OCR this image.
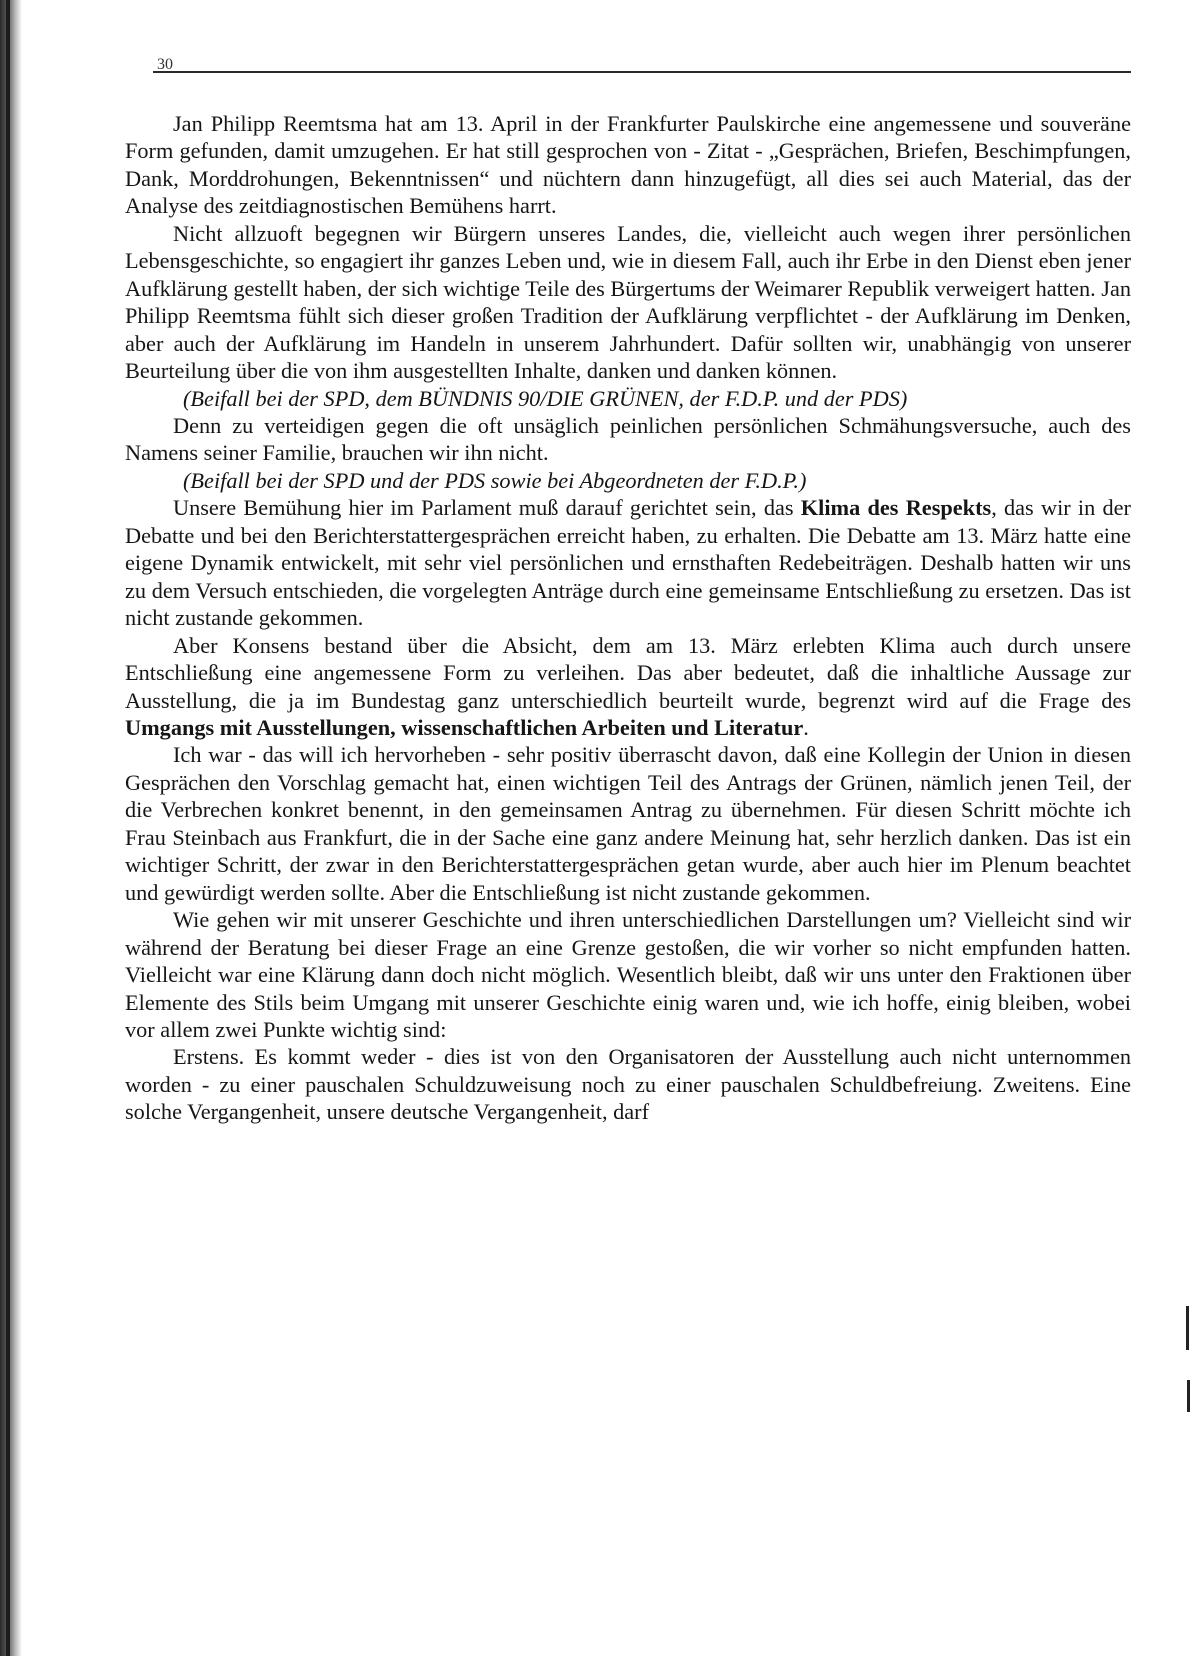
30

Jan Philipp Reemtsma hat am 13. April in der Frankfurter Paulskirche eine angemessene und souveräne Form gefunden, damit umzugehen. Er hat still gesprochen von - Zitat - „Gesprächen, Briefen, Beschimpfungen, Dank, Morddrohungen, Bekenntnissen“ und nüchtern dann hinzugefügt, all dies sei auch Material, das der Analyse des zeitdiagnostischen Bemühens harrt.

Nicht allzuoft begegnen wir Bürgern unseres Landes, die, vielleicht auch wegen ihrer persönlichen Lebensgeschichte, so engagiert ihr ganzes Leben und, wie in diesem Fall, auch ihr Erbe in den Dienst eben jener Aufklärung gestellt haben, der sich wichtige Teile des Bürgertums der Weimarer Republik verweigert hatten. Jan Philipp Reemtsma fühlt sich dieser großen Tradition der Aufklärung verpflichtet - der Aufklärung im Denken, aber auch der Aufklärung im Handeln in unserem Jahrhundert. Dafür sollten wir, unabhängig von unserer Beurteilung über die von ihm ausgestellten Inhalte, danken und danken können.

(Beifall bei der SPD, dem BÜNDNIS 90/DIE GRÜNEN, der F.D.P. und der PDS)

Denn zu verteidigen gegen die oft unsäglich peinlichen persönlichen Schmähungsversuche, auch des Namens seiner Familie, brauchen wir ihn nicht.

(Beifall bei der SPD und der PDS sowie bei Abgeordneten der F.D.P.)

Unsere Bemühung hier im Parlament muß darauf gerichtet sein, das Klima des Respekts, das wir in der Debatte und bei den Berichterstattergesprächen erreicht haben, zu erhalten. Die Debatte am 13. März hatte eine eigene Dynamik entwickelt, mit sehr viel persönlichen und ernsthaften Redebeiträgen. Deshalb hatten wir uns zu dem Versuch entschieden, die vorgelegten Anträge durch eine gemeinsame Entschließung zu ersetzen. Das ist nicht zustande gekommen.

Aber Konsens bestand über die Absicht, dem am 13. März erlebten Klima auch durch unsere Entschließung eine angemessene Form zu verleihen. Das aber bedeutet, daß die inhaltliche Aussage zur Ausstellung, die ja im Bundestag ganz unterschiedlich beurteilt wurde, begrenzt wird auf die Frage des Umgangs mit Ausstellungen, wissenschaftlichen Arbeiten und Literatur.

Ich war - das will ich hervorheben - sehr positiv überrascht davon, daß eine Kollegin der Union in diesen Gesprächen den Vorschlag gemacht hat, einen wichtigen Teil des Antrags der Grünen, nämlich jenen Teil, der die Verbrechen konkret benennt, in den gemeinsamen Antrag zu übernehmen. Für diesen Schritt möchte ich Frau Steinbach aus Frankfurt, die in der Sache eine ganz andere Meinung hat, sehr herzlich danken. Das ist ein wichtiger Schritt, der zwar in den Berichterstattergesprächen getan wurde, aber auch hier im Plenum beachtet und gewürdigt werden sollte. Aber die Entschließung ist nicht zustande gekommen.

Wie gehen wir mit unserer Geschichte und ihren unterschiedlichen Darstellungen um? Vielleicht sind wir während der Beratung bei dieser Frage an eine Grenze gestoßen, die wir vorher so nicht empfunden hatten. Vielleicht war eine Klärung dann doch nicht möglich. Wesentlich bleibt, daß wir uns unter den Fraktionen über Elemente des Stils beim Umgang mit unserer Geschichte einig waren und, wie ich hoffe, einig bleiben, wobei vor allem zwei Punkte wichtig sind:

Erstens. Es kommt weder - dies ist von den Organisatoren der Ausstellung auch nicht unternommen worden - zu einer pauschalen Schuldzuweisung noch zu einer pauschalen Schuldbefreiung. Zweitens. Eine solche Vergangenheit, unsere deutsche Vergangenheit, darf
